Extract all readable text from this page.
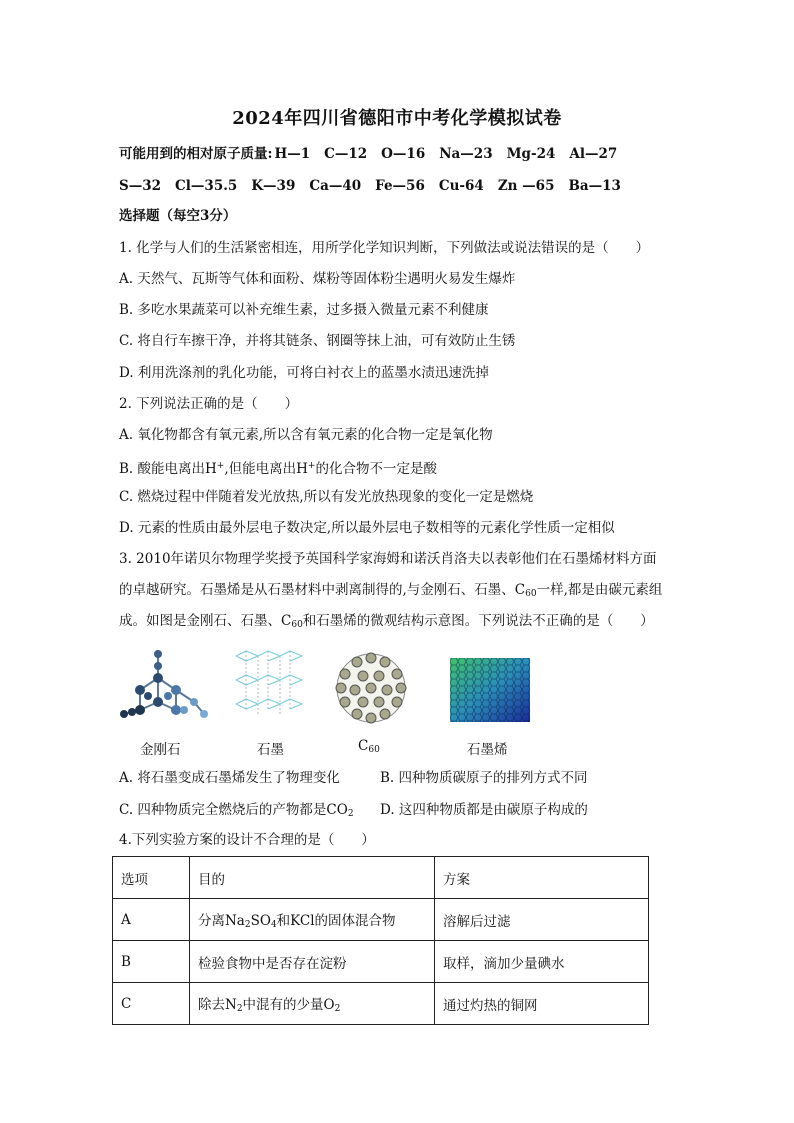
2024年四川省德阳市中考化学模拟试卷
可能用到的相对原子质量: H—1 C—12 O—16 Na—23 Mg-24 Al—27
S—32 Cl—35.5 K—39 Ca—40 Fe—56 Cu-64 Zn —65 Ba—13
选择题（每空3分）
1. 化学与人们的生活紧密相连，用所学化学知识判断，下列做法或说法错误的是（　　）
A. 天然气、瓦斯等气体和面粉、煤粉等固体粉尘遇明火易发生爆炸
B. 多吃水果蔬菜可以补充维生素，过多摄入微量元素不利健康
C. 将自行车擦干净，并将其链条、钢圈等抹上油，可有效防止生锈
D. 利用洗涤剂的乳化功能，可将白衬衣上的蓝墨水渍迅速洗掉
2. 下列说法正确的是（　　）
A. 氧化物都含有氧元素,所以含有氧元素的化合物一定是氧化物
B. 酸能电离出H+,但能电离出H+的化合物不一定是酸
C. 燃烧过程中伴随着发光放热,所以有发光放热现象的变化一定是燃烧
D. 元素的性质由最外层电子数决定,所以最外层电子数相等的元素化学性质一定相似
3. 2010年诺贝尔物理学奖授予英国科学家海姆和诺沃肖洛夫以表彰他们在石墨烯材料方面
的卓越研究。石墨烯是从石墨材料中剥离制得的,与金刚石、石墨、$C_{60}$一样,都是由碳元素组
成。如图是金刚石、石墨、$C_{60}$和石墨烯的微观结构示意图。下列说法不正确的是（　　）
金刚石	石墨	$C_{60}$	石墨烯
A. 将石墨变成石墨烯发生了物理变化	B. 四种物质碳原子的排列方式不同
C. 四种物质完全燃烧后的产物都是$CO_2$ D. 这四种物质都是由碳原子构成的
4.下列实验方案的设计不合理的是（　　）
选项	目的	方案
A	分离$Na_2SO_4$和KCl的固体混合物	溶解后过滤
B	检验食物中是否存在淀粉	取样，滴加少量碘水
C	除去$N_2$中混有的少量$O_2$	通过灼热的铜网
